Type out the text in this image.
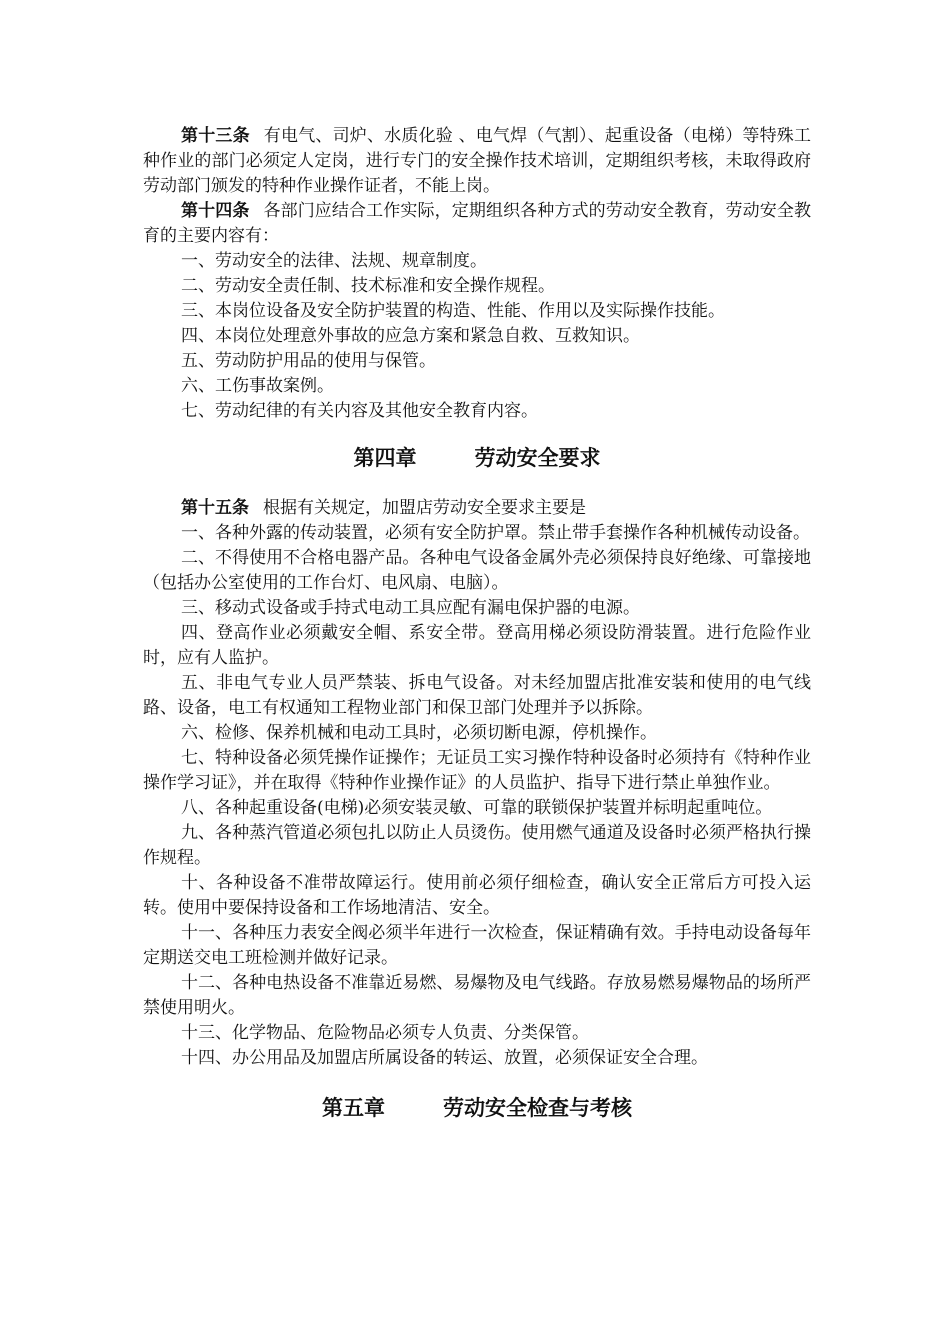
第十三条 有电气、司炉、水质化验 、电气焊（气割）、起重设备（电梯）等特殊工种作业的部门必须定人定岗，进行专门的安全操作技术培训，定期组织考核，未取得政府劳动部门颁发的特种作业操作证者，不能上岗。

第十四条 各部门应结合工作实际，定期组织各种方式的劳动安全教育，劳动安全教育的主要内容有：

一、劳动安全的法律、法规、规章制度。

二、劳动安全责任制、技术标准和安全操作规程。

三、本岗位设备及安全防护装置的构造、性能、作用以及实际操作技能。

四、本岗位处理意外事故的应急方案和紧急自救、互救知识。

五、劳动防护用品的使用与保管。

六、工伤事故案例。

七、劳动纪律的有关内容及其他安全教育内容。

第四章	劳动安全要求

第十五条 根据有关规定，加盟店劳动安全要求主要是

一、各种外露的传动装置，必须有安全防护罩。禁止带手套操作各种机械传动设备。

二、不得使用不合格电器产品。各种电气设备金属外壳必须保持良好绝缘、可靠接地（包括办公室使用的工作台灯、电风扇、电脑）。

三、移动式设备或手持式电动工具应配有漏电保护器的电源。

四、登高作业必须戴安全帽、系安全带。登高用梯必须设防滑装置。进行危险作业时，应有人监护。

五、非电气专业人员严禁装、拆电气设备。对未经加盟店批准安装和使用的电气线路、设备，电工有权通知工程物业部门和保卫部门处理并予以拆除。

六、检修、保养机械和电动工具时，必须切断电源，停机操作。

七、特种设备必须凭操作证操作；无证员工实习操作特种设备时必须持有《特种作业操作学习证》，并在取得《特种作业操作证》的人员监护、指导下进行禁止单独作业。

八、各种起重设备(电梯)必须安装灵敏、可靠的联锁保护装置并标明起重吨位。

九、各种蒸汽管道必须包扎以防止人员烫伤。使用燃气通道及设备时必须严格执行操作规程。

十、各种设备不准带故障运行。使用前必须仔细检查，确认安全正常后方可投入运转。使用中要保持设备和工作场地清洁、安全。

十一、各种压力表安全阀必须半年进行一次检查，保证精确有效。手持电动设备每年定期送交电工班检测并做好记录。

十二、各种电热设备不准靠近易燃、易爆物及电气线路。存放易燃易爆物品的场所严禁使用明火。

十三、化学物品、危险物品必须专人负责、分类保管。

十四、办公用品及加盟店所属设备的转运、放置，必须保证安全合理。

第五章	劳动安全检查与考核
